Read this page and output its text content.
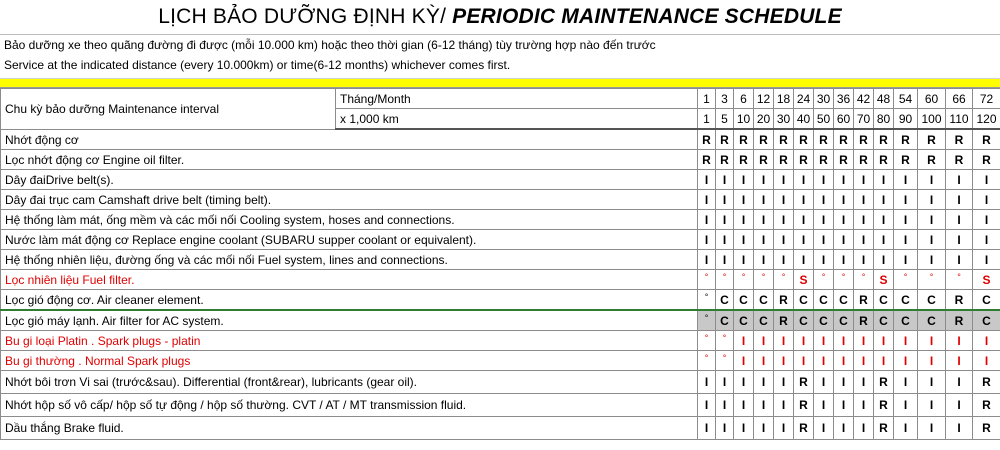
LỊCH BẢO DƯỠNG ĐỊNH KỲ/ PERIODIC MAINTENANCE SCHEDULE
Bảo dưỡng xe theo quãng đường đi được (mỗi 10.000 km) hoặc theo thời gian (6-12 tháng) tùy trường hợp nào đến trước
Service at the indicated distance (every 10.000km) or time(6-12 months) whichever comes first.
Chu kỳ bảo dưỡng Maintenance interval	Tháng/Month	1	3	6	12	18	24	30	36	42	48	54	60	66	72
	x 1,000 km	1	5	10	20	30	40	50	60	70	80	90	100	110	120
Nhớt động cơ		R	R	R	R	R	R	R	R	R	R	R	R	R	R
Lọc nhớt động cơ Engine oil filter.		R	R	R	R	R	R	R	R	R	R	R	R	R	R
Dây đaiDrive belt(s).		I	I	I	I	I	I	I	I	I	I	I	I	I	I
Dây đai trục cam Camshaft drive belt (timing belt).		I	I	I	I	I	I	I	I	I	I	I	I	I	I
Hệ thống làm mát, ống mềm và các mối nối Cooling system, hoses and connections.		I	I	I	I	I	I	I	I	I	I	I	I	I	I
Nước làm mát động cơ Replace engine coolant (SUBARU supper coolant or equivalent).		I	I	I	I	I	I	I	I	I	I	I	I	I	I
Hệ thống nhiên liệu, đường ống và các mối nối Fuel system, lines and connections.		I	I	I	I	I	I	I	I	I	I	I	I	I	I
Lọc nhiên liệu Fuel filter.		°	°	°	°	°	S	°	°	°	S	°	°	°	S
Lọc gió động cơ. Air cleaner element.		°	C	C	C	R	C	C	C	R	C	C	C	R	C
Lọc gió máy lạnh. Air filter for AC system.		°	C	C	C	R	C	C	C	R	C	C	C	R	C
Bu gi loại Platin . Spark plugs - platin		°	°	I	I	I	I	I	I	I	I	I	I	I	I
Bu gi thường . Normal Spark plugs		°	°	I	I	I	I	I	I	I	I	I	I	I	I
Nhớt bôi trơn Vi sai (trước&sau). Differential (front&rear), lubricants (gear oil).		I	I	I	I	I	R	I	I	I	R	I	I	I	R
Nhớt hộp số vô cấp/ hộp số tự động / hộp số thường. CVT / AT / MT transmission fluid.		I	I	I	I	I	R	I	I	I	R	I	I	I	R
Dầu thắng Brake fluid.		I	I	I	I	I	R	I	I	I	R	I	I	I	R
